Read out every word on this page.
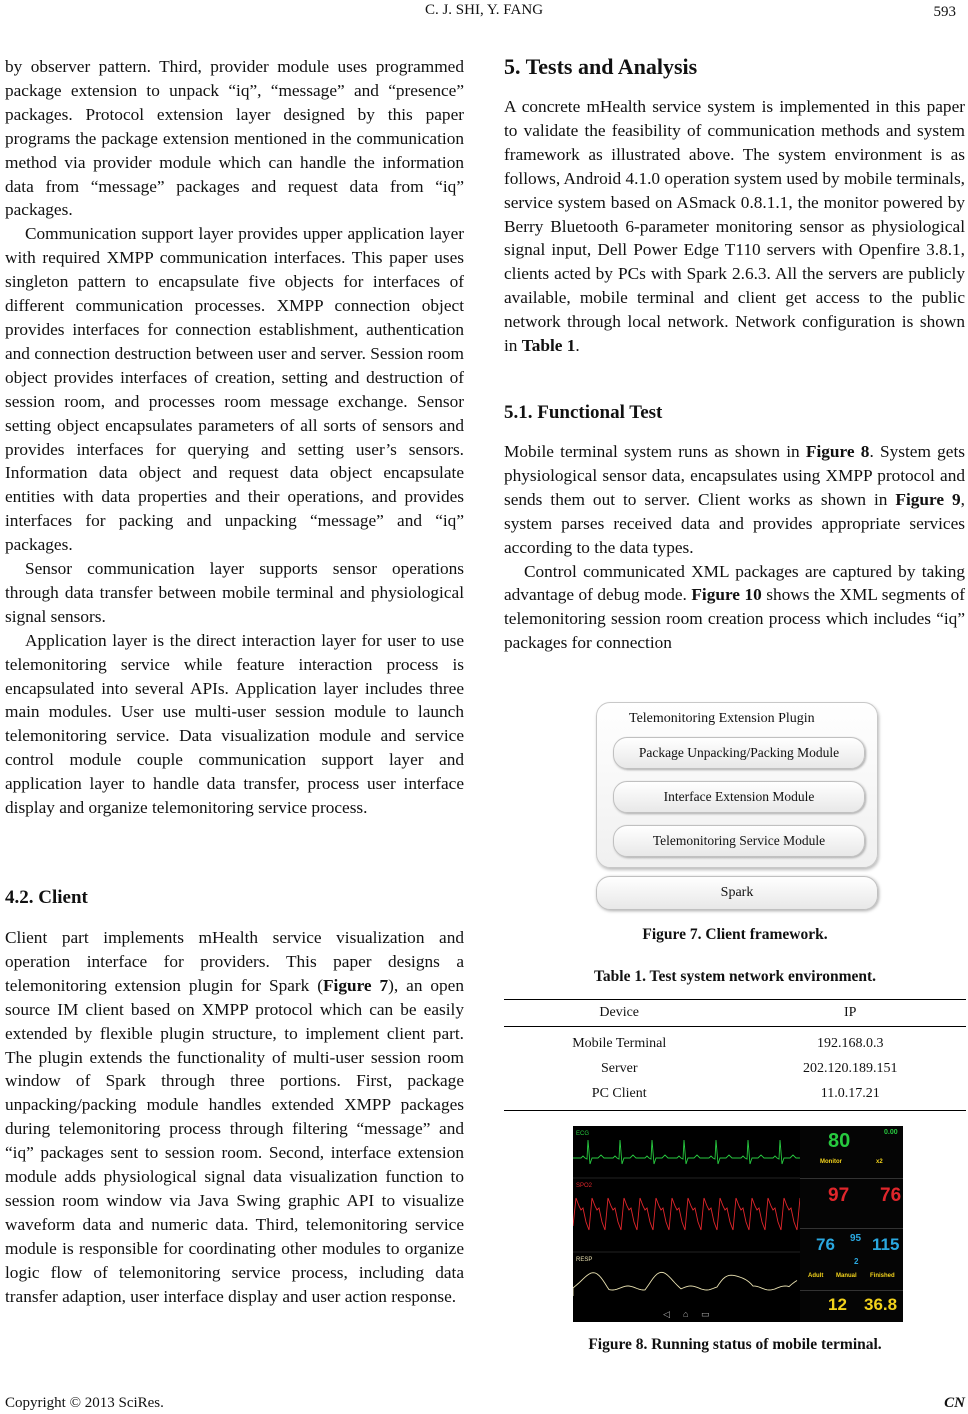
C. J. SHI, Y. FANG	593

by observer pattern. Third, provider module uses programmed package extension to unpack “iq”, “message” and “presence” packages. Protocol extension layer designed by this paper programs the package extension mentioned in the communication method via provider module which can handle the information data from “message” packages and request data from “iq” packages.

Communication support layer provides upper application layer with required XMPP communication interfaces. This paper uses singleton pattern to encapsulate five objects for interfaces of different communication processes. XMPP connection object provides interfaces for connection establishment, authentication and connection destruction between user and server. Session room object provides interfaces of creation, setting and destruction of session room, and processes room message exchange. Sensor setting object encapsulates parameters of all sorts of sensors and provides interfaces for querying and setting user’s sensors. Information data object and request data object encapsulate entities with data properties and their operations, and provides interfaces for packing and unpacking “message” and “iq” packages.

Sensor communication layer supports sensor operations through data transfer between mobile terminal and physiological signal sensors.

Application layer is the direct interaction layer for user to use telemonitoring service while feature interaction process is encapsulated into several APIs. Application layer includes three main modules. User use multi-user session module to launch telemonitoring service. Data visualization module and service control module couple communication support layer and application layer to handle data transfer, process user interface display and organize telemonitoring service process.

4.2. Client

Client part implements mHealth service visualization and operation interface for providers. This paper designs a telemonitoring extension plugin for Spark (Figure 7), an open source IM client based on XMPP protocol which can be easily extended by flexible plugin structure, to implement client part. The plugin extends the functionality of multi-user session room window of Spark through three portions. First, package unpacking/packing module handles extended XMPP packages during telemonitoring process through filtering “message” and “iq” packages sent to session room. Second, interface extension module adds physiological signal data visualization function to session room window via Java Swing graphic API to visualize waveform data and numeric data. Third, telemonitoring service module is responsible for coordinating other modules to organize logic flow of telemonitoring service process, including data transfer adaption, user interface display and user action response.

5. Tests and Analysis

A concrete mHealth service system is implemented in this paper to validate the feasibility of communication methods and system framework as illustrated above. The system environment is as follows, Android 4.1.0 operation system used by mobile terminals, service system based on ASmack 0.8.1.1, the monitor powered by Berry Bluetooth 6-parameter monitoring sensor as physiological signal input, Dell Power Edge T110 servers with Openfire 3.8.1, clients acted by PCs with Spark 2.6.3. All the servers are publicly available, mobile terminal and client get access to the public network through local network. Network configuration is shown in Table 1.

5.1. Functional Test

Mobile terminal system runs as shown in Figure 8. System gets physiological sensor data, encapsulates using XMPP protocol and sends them out to server. Client works as shown in Figure 9, system parses received data and provides appropriate services according to the data types.

Control communicated XML packages are captured by taking advantage of debug mode. Figure 10 shows the XML segments of telemonitoring session room creation process which includes “iq” packages for connection

Telemonitoring Extension Plugin
Package Unpacking/Packing Module
Interface Extension Module
Telemonitoring Service Module
Spark
Figure 7. Client framework.
Table 1. Test system network environment.
Device	IP
Mobile Terminal	192.168.0.3
Server	202.120.189.151
PC Client	11.0.17.21
ECG
SPO2
RESP
◁ ⌂ ▭
80	0.00
Monitor	x2
97 76
76 95 115
2
Adult Manual Finished
12 36.8
Figure 8. Running status of mobile terminal.
Copyright © 2013 SciRes.	CN
